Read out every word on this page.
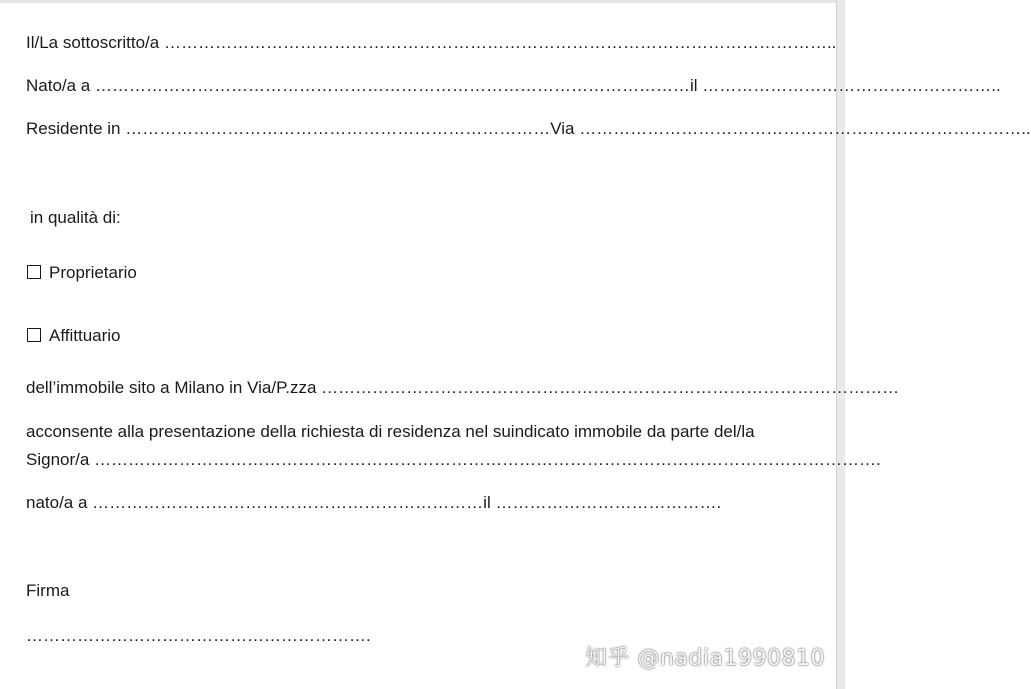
Il/La sottoscritto/a ………………………………………………………………………………………………………..
Nato/a a ……………………………………………………………………………………………il ……………………………………………..
Residente in …………………………………………………………………Via ……………………………………………………………………..
in qualità di:
Proprietario
Affittuario
dell’immobile sito a Milano in Via/P.zza …………………………………………………………………………………………
acconsente alla presentazione della richiesta di residenza nel suindicato immobile da parte del/la
Signor/a ………………………………………………………………………………………………………………………….
nato/a a ……………………………………………………………il ………………………………….
Firma
…………………………………………………….
知乎 @nadia1990810
